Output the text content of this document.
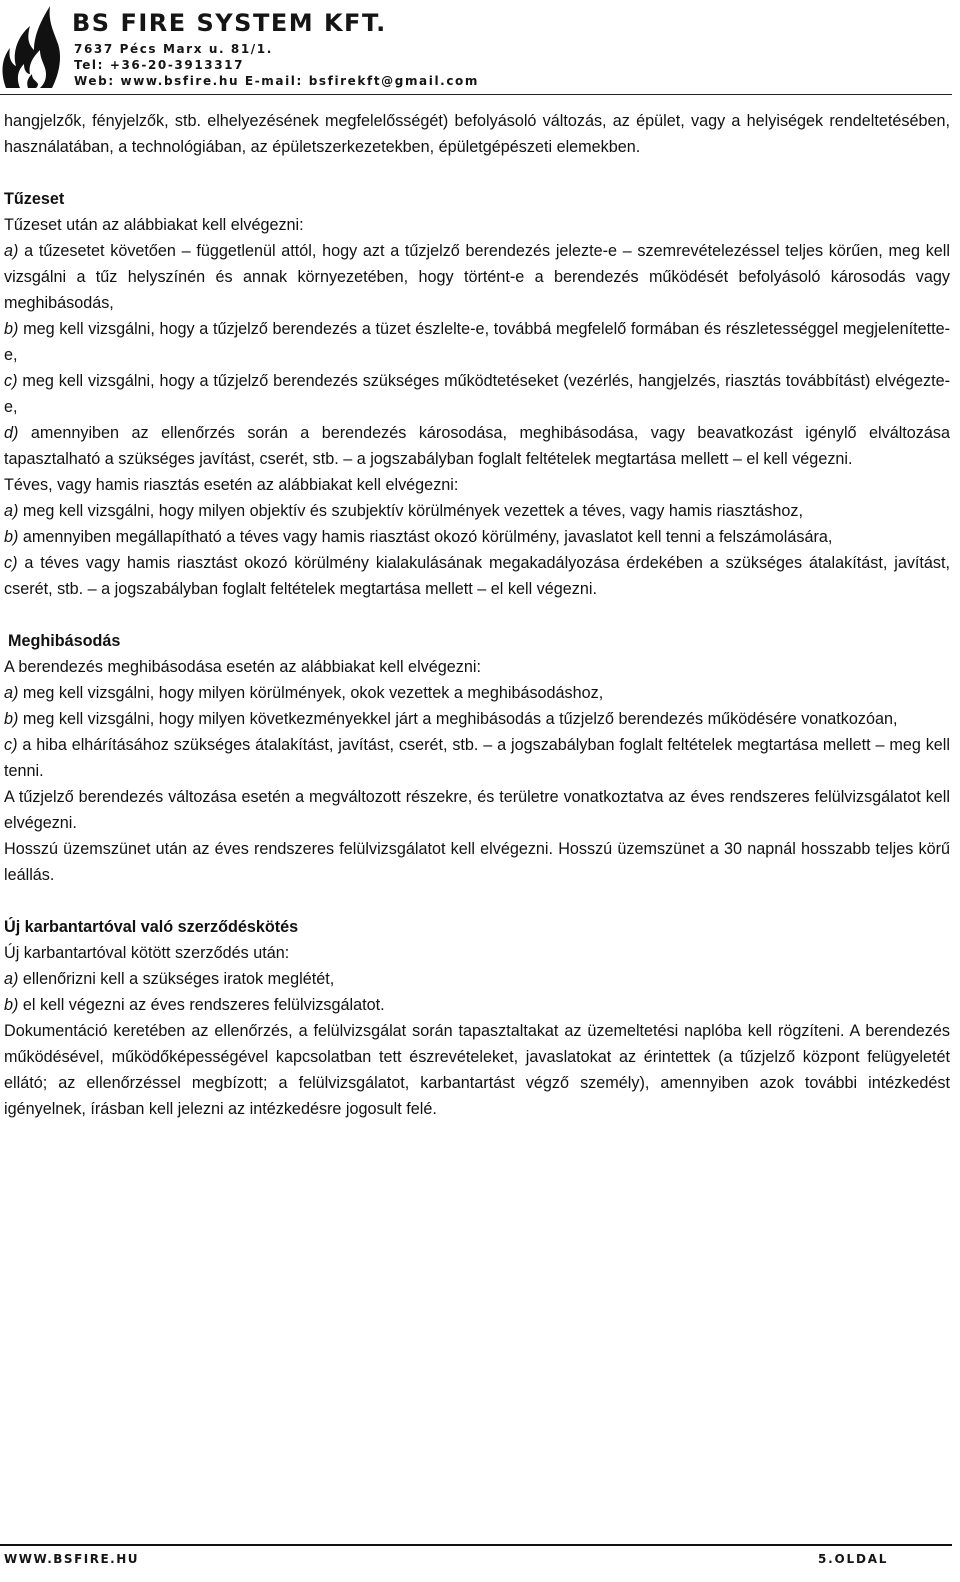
BS FIRE SYSTEM KFT.
7637 Pécs Marx u. 81/1.
Tel: +36-20-3913317
Web: www.bsfire.hu E-mail: bsfirekft@gmail.com

hangjelzők, fényjelzők, stb. elhelyezésének megfelelősségét) befolyásoló változás, az épület, vagy a helyiségek rendeltetésében, használatában, a technológiában, az épületszerkezetekben, épületgépészeti elemekben.

Tűzeset

Tűzeset után az alábbiakat kell elvégezni:

a) a tűzesetet követően – függetlenül attól, hogy azt a tűzjelző berendezés jelezte-e – szemrevételezéssel teljes körűen, meg kell vizsgálni a tűz helyszínén és annak környezetében, hogy történt-e a berendezés működését befolyásoló károsodás vagy meghibásodás,

b) meg kell vizsgálni, hogy a tűzjelző berendezés a tüzet észlelte-e, továbbá megfelelő formában és részletességgel megjelenítette-e,

c) meg kell vizsgálni, hogy a tűzjelző berendezés szükséges működtetéseket (vezérlés, hangjelzés, riasztás továbbítást) elvégezte-e,

d) amennyiben az ellenőrzés során a berendezés károsodása, meghibásodása, vagy beavatkozást igénylő elváltozása tapasztalható a szükséges javítást, cserét, stb. – a jogszabályban foglalt feltételek megtartása mellett – el kell végezni.

Téves, vagy hamis riasztás esetén az alábbiakat kell elvégezni:

a) meg kell vizsgálni, hogy milyen objektív és szubjektív körülmények vezettek a téves, vagy hamis riasztáshoz,

b) amennyiben megállapítható a téves vagy hamis riasztást okozó körülmény, javaslatot kell tenni a felszámolására,

c) a téves vagy hamis riasztást okozó körülmény kialakulásának megakadályozása érdekében a szükséges átalakítást, javítást, cserét, stb. – a jogszabályban foglalt feltételek megtartása mellett – el kell végezni.

Meghibásodás

A berendezés meghibásodása esetén az alábbiakat kell elvégezni:

a) meg kell vizsgálni, hogy milyen körülmények, okok vezettek a meghibásodáshoz,

b) meg kell vizsgálni, hogy milyen következményekkel járt a meghibásodás a tűzjelző berendezés működésére vonatkozóan,

c) a hiba elhárításához szükséges átalakítást, javítást, cserét, stb. – a jogszabályban foglalt feltételek megtartása mellett – meg kell tenni.

A tűzjelző berendezés változása esetén a megváltozott részekre, és területre vonatkoztatva az éves rendszeres felülvizsgálatot kell elvégezni.

Hosszú üzemszünet után az éves rendszeres felülvizsgálatot kell elvégezni. Hosszú üzemszünet a 30 napnál hosszabb teljes körű leállás.

Új karbantartóval való szerződéskötés

Új karbantartóval kötött szerződés után:

a) ellenőrizni kell a szükséges iratok meglétét,

b) el kell végezni az éves rendszeres felülvizsgálatot.

Dokumentáció keretében az ellenőrzés, a felülvizsgálat során tapasztaltakat az üzemeltetési naplóba kell rögzíteni. A berendezés működésével, működőképességével kapcsolatban tett észrevételeket, javaslatokat az érintettek (a tűzjelző központ felügyeletét ellátó; az ellenőrzéssel megbízott; a felülvizsgálatot, karbantartást végző személy), amennyiben azok további intézkedést igényelnek, írásban kell jelezni az intézkedésre jogosult felé.

WWW.BSFIRE.HU	5.OLDAL
